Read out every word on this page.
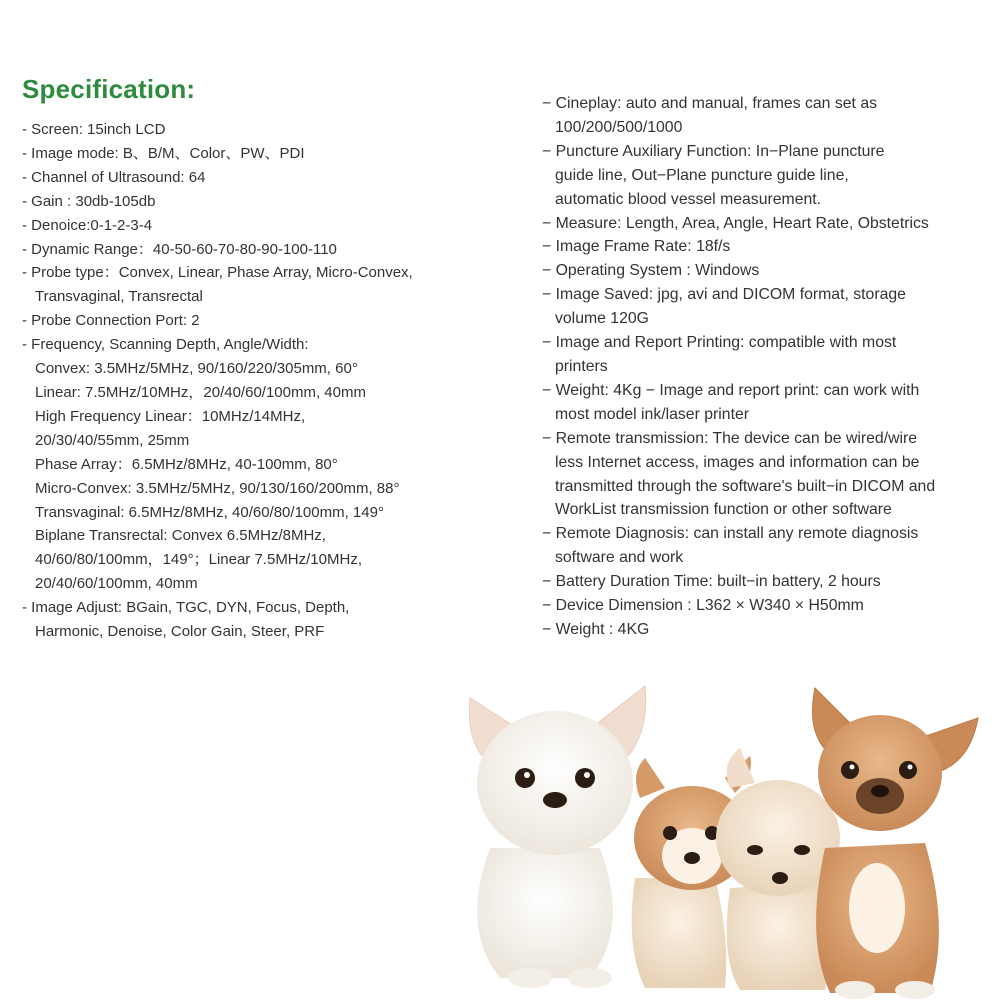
Specification:
- Screen: 15inch LCD
- Image mode: B、B/M、Color、PW、PDI
- Channel of Ultrasound: 64
- Gain : 30db-105db
- Denoice:0-1-2-3-4
- Dynamic Range：40-50-60-70-80-90-100-110
- Probe type：Convex, Linear, Phase Array, Micro-Convex,
Transvaginal, Transrectal
- Probe Connection Port: 2
- Frequency, Scanning Depth, Angle/Width:
Convex: 3.5MHz/5MHz, 90/160/220/305mm, 60°
Linear: 7.5MHz/10MHz，20/40/60/100mm, 40mm
High Frequency Linear：10MHz/14MHz,
20/30/40/55mm, 25mm
Phase Array：6.5MHz/8MHz, 40-100mm, 80°
Micro-Convex: 3.5MHz/5MHz, 90/130/160/200mm, 88°
Transvaginal: 6.5MHz/8MHz, 40/60/80/100mm, 149°
Biplane Transrectal: Convex 6.5MHz/8MHz,
40/60/80/100mm，149°；Linear 7.5MHz/10MHz,
20/40/60/100mm, 40mm
- Image Adjust: BGain, TGC, DYN, Focus, Depth,
Harmonic, Denoise, Color Gain, Steer, PRF
− Cineplay: auto and manual, frames can set as
100/200/500/1000
− Puncture Auxiliary Function: In−Plane puncture
guide line, Out−Plane puncture guide line,
automatic blood vessel measurement.
− Measure: Length, Area, Angle, Heart Rate, Obstetrics
− Image Frame Rate: 18f/s
− Operating System : Windows
− Image Saved: jpg, avi and DICOM format, storage
volume 120G
− Image and Report Printing: compatible with most
printers
− Weight: 4Kg − Image and report print: can work with
most model ink/laser printer
− Remote transmission: The device can be wired/wire
less Internet access, images and information can be
transmitted through the software's built−in DICOM and
WorkList transmission function or other software
− Remote Diagnosis: can install any remote diagnosis
software and work
− Battery Duration Time: built−in battery, 2 hours
− Device Dimension : L362 × W340 × H50mm
− Weight : 4KG
